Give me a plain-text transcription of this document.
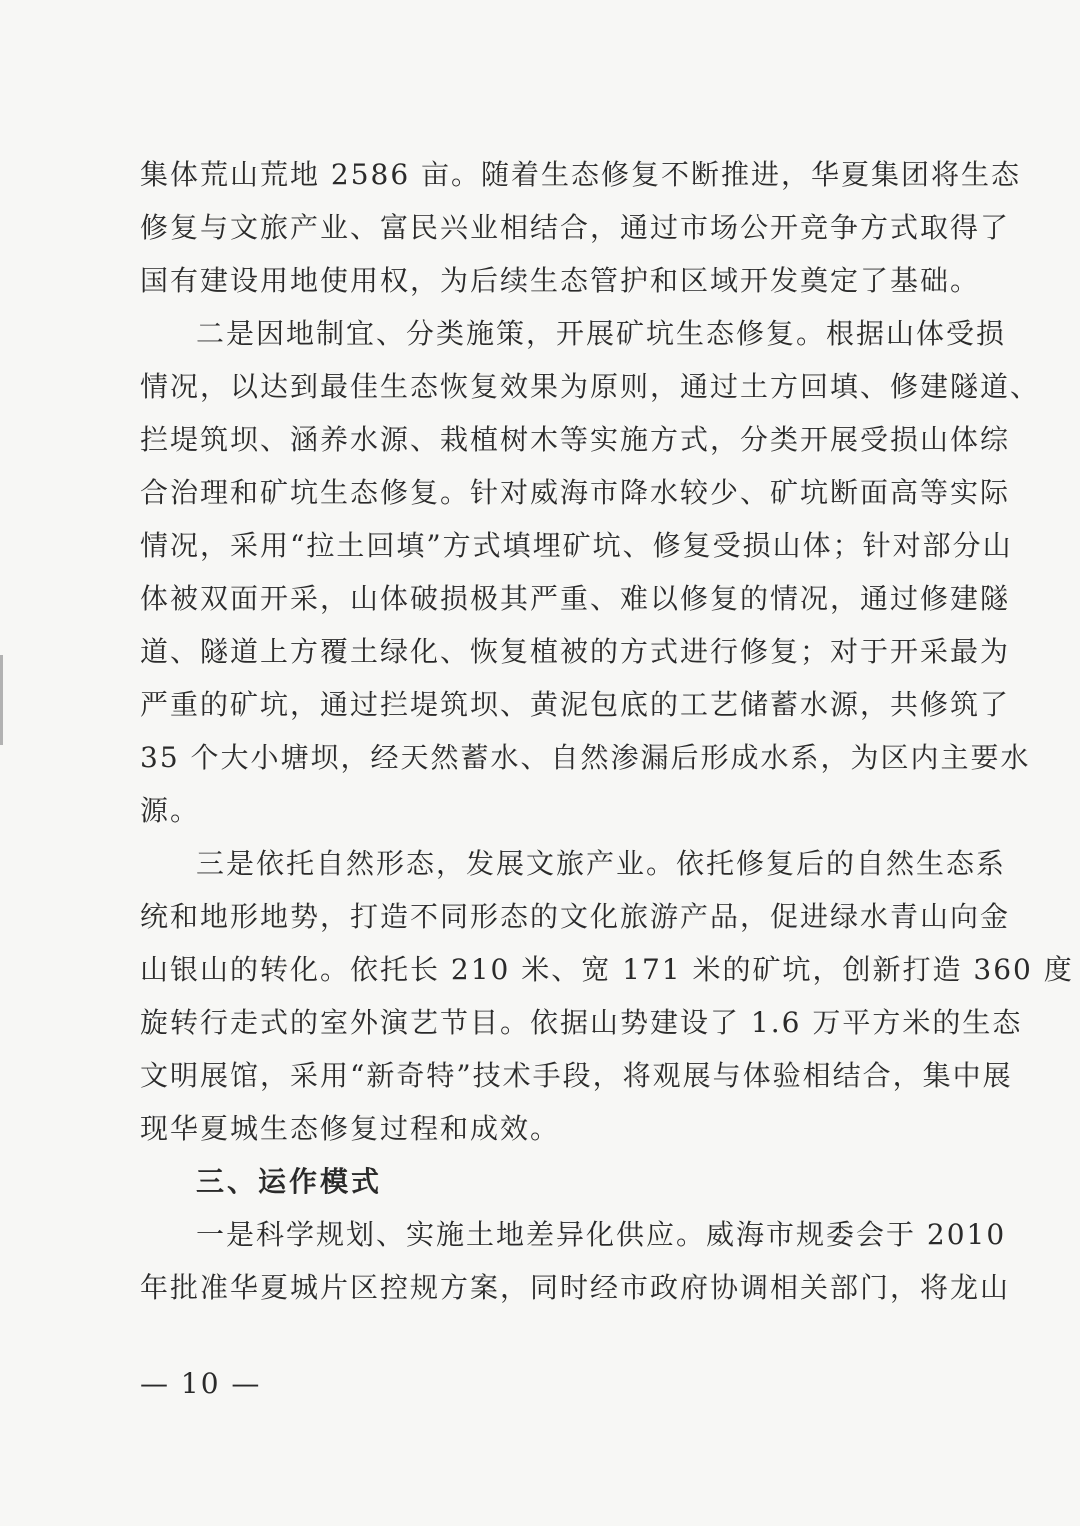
集体荒山荒地 2586 亩。随着生态修复不断推进，华夏集团将生态
修复与文旅产业、富民兴业相结合，通过市场公开竞争方式取得了
国有建设用地使用权，为后续生态管护和区域开发奠定了基础。
二是因地制宜、分类施策，开展矿坑生态修复。根据山体受损
情况，以达到最佳生态恢复效果为原则，通过土方回填、修建隧道、
拦堤筑坝、涵养水源、栽植树木等实施方式，分类开展受损山体综
合治理和矿坑生态修复。针对威海市降水较少、矿坑断面高等实际
情况，采用“拉土回填”方式填埋矿坑、修复受损山体；针对部分山
体被双面开采，山体破损极其严重、难以修复的情况，通过修建隧
道、隧道上方覆土绿化、恢复植被的方式进行修复；对于开采最为
严重的矿坑，通过拦堤筑坝、黄泥包底的工艺储蓄水源，共修筑了
35 个大小塘坝，经天然蓄水、自然渗漏后形成水系，为区内主要水
源。
三是依托自然形态，发展文旅产业。依托修复后的自然生态系
统和地形地势，打造不同形态的文化旅游产品，促进绿水青山向金
山银山的转化。依托长 210 米、宽 171 米的矿坑，创新打造 360 度
旋转行走式的室外演艺节目。依据山势建设了 1.6 万平方米的生态
文明展馆，采用“新奇特”技术手段，将观展与体验相结合，集中展
现华夏城生态修复过程和成效。
三、运作模式
一是科学规划、实施土地差异化供应。威海市规委会于 2010
年批准华夏城片区控规方案，同时经市政府协调相关部门，将龙山
— 10 —
